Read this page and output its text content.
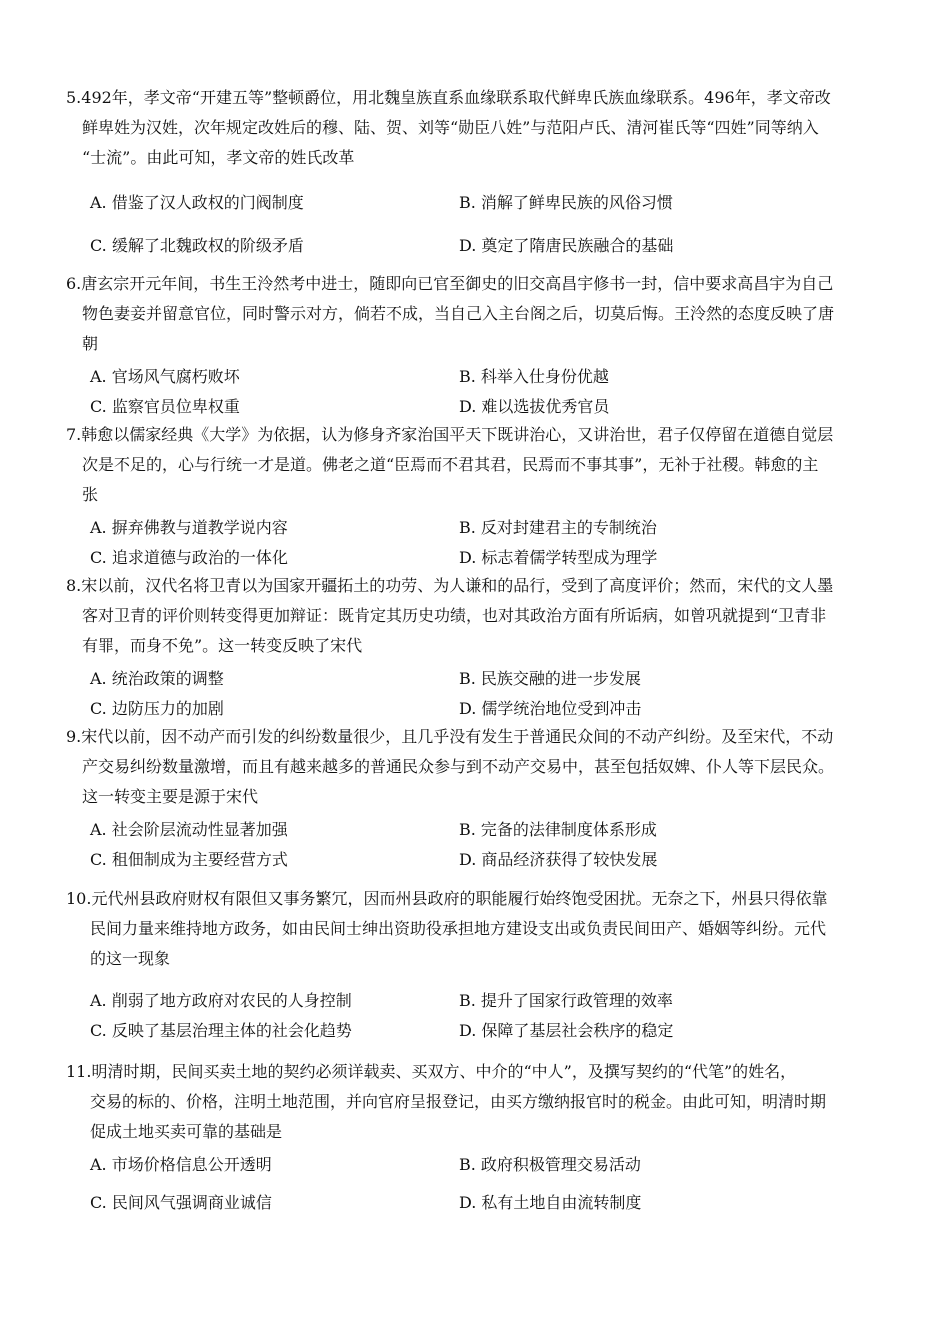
5.492年，孝文帝“开建五等”整顿爵位，用北魏皇族直系血缘联系取代鲜卑氏族血缘联系。496年，孝文帝改
鲜卑姓为汉姓，次年规定改姓后的穆、陆、贺、刘等“勋臣八姓”与范阳卢氏、清河崔氏等“四姓”同等纳入
“士流”。由此可知，孝文帝的姓氏改革

A. 借鉴了汉人政权的门阀制度	B. 消解了鲜卑民族的风俗习惯
C. 缓解了北魏政权的阶级矛盾	D. 奠定了隋唐民族融合的基础

6.唐玄宗开元年间，书生王泠然考中进士，随即向已官至御史的旧交高昌宇修书一封，信中要求高昌宇为自己
物色妻妾并留意官位，同时警示对方，倘若不成，当自己入主台阁之后，切莫后悔。王泠然的态度反映了唐
朝

A. 官场风气腐朽败坏	B. 科举入仕身份优越
C. 监察官员位卑权重	D. 难以选拔优秀官员

7.韩愈以儒家经典《大学》为依据，认为修身齐家治国平天下既讲治心，又讲治世，君子仅停留在道德自觉层
次是不足的，心与行统一才是道。佛老之道“臣焉而不君其君，民焉而不事其事”，无补于社稷。韩愈的主
张

A. 摒弃佛教与道教学说内容	B. 反对封建君主的专制统治
C. 追求道德与政治的一体化	D. 标志着儒学转型成为理学

8.宋以前，汉代名将卫青以为国家开疆拓土的功劳、为人谦和的品行，受到了高度评价；然而，宋代的文人墨
客对卫青的评价则转变得更加辩证：既肯定其历史功绩，也对其政治方面有所诟病，如曾巩就提到“卫青非
有罪，而身不免”。这一转变反映了宋代

A. 统治政策的调整	B. 民族交融的进一步发展
C. 边防压力的加剧	D. 儒学统治地位受到冲击

9.宋代以前，因不动产而引发的纠纷数量很少，且几乎没有发生于普通民众间的不动产纠纷。及至宋代，不动
产交易纠纷数量激增，而且有越来越多的普通民众参与到不动产交易中，甚至包括奴婢、仆人等下层民众。
这一转变主要是源于宋代

A. 社会阶层流动性显著加强	B. 完备的法律制度体系形成
C. 租佃制成为主要经营方式	D. 商品经济获得了较快发展

10.元代州县政府财权有限但又事务繁冗，因而州县政府的职能履行始终饱受困扰。无奈之下，州县只得依靠
民间力量来维持地方政务，如由民间士绅出资助役承担地方建设支出或负责民间田产、婚姻等纠纷。元代
的这一现象

A. 削弱了地方政府对农民的人身控制	B. 提升了国家行政管理的效率
C. 反映了基层治理主体的社会化趋势	D. 保障了基层社会秩序的稳定

11.明清时期，民间买卖土地的契约必须详载卖、买双方、中介的“中人”，及撰写契约的“代笔”的姓名，
交易的标的、价格，注明土地范围，并向官府呈报登记，由买方缴纳报官时的税金。由此可知，明清时期
促成土地买卖可靠的基础是

A. 市场价格信息公开透明	B. 政府积极管理交易活动
C. 民间风气强调商业诚信	D. 私有土地自由流转制度
